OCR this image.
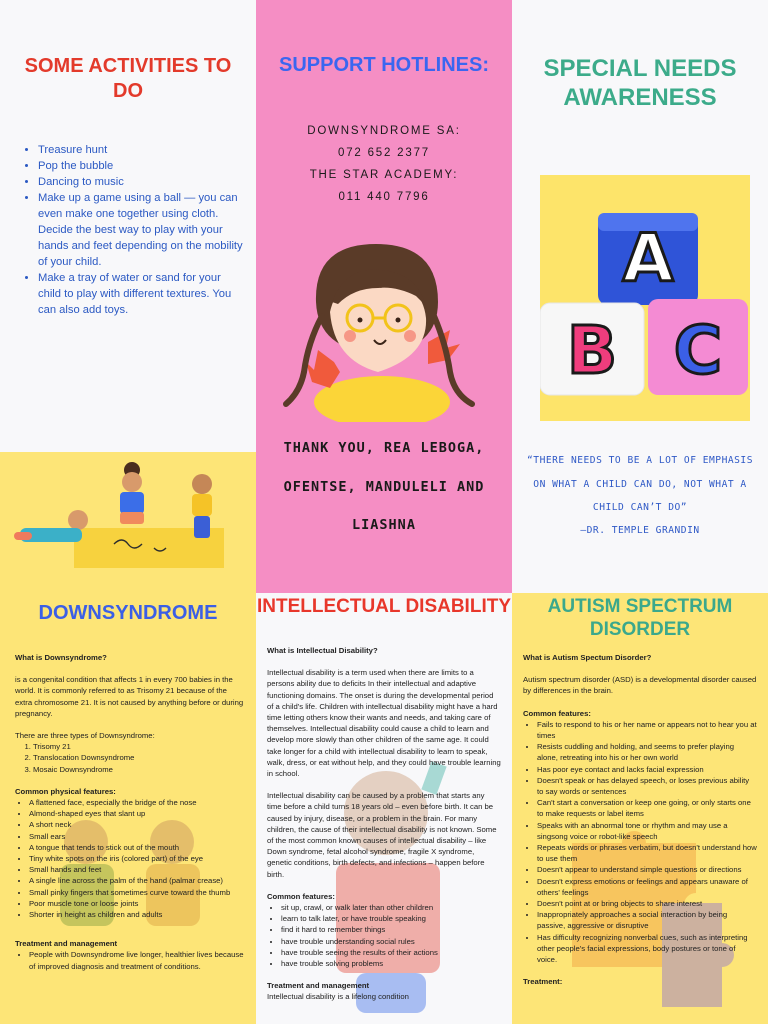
SOME ACTIVITIES TO DO
• Treasure hunt
• Pop the bubble
• Dancing to music
• Make up a game using a ball — you can even make one together using cloth. Decide the best way to play with your hands and feet depending on the mobility of your child.
• Make a tray of water or sand for your child to play with different textures. You can also add toys.
SUPPORT HOTLINES:
DOWNSYNDROME SA:
072 652 2377
THE STAR ACADEMY:
011 440 7796
THANK YOU, REA LEBOGA,
OFENTSE, MANDULELI AND
LIASHNA
SPECIAL NEEDS AWARENESS
A
B C
“THERE NEEDS TO BE A LOT OF EMPHASIS
ON WHAT A CHILD CAN DO, NOT WHAT A
CHILD CAN’T DO”
—DR. TEMPLE GRANDIN
DOWNSYNDROME

What is Downsyndrome?

is a congenital condition that affects 1 in every 700 babies in the world. It is commonly referred to as Trisomy 21 because of the extra chromosome 21. It is not caused by anything before or during pregnancy.

There are three types of Downsyndrome:

1. Trisomy 21
2. Translocation Downsyndrome
3. Mosaic Downsyndrome

Common physical features:

• A flattened face, especially the bridge of the nose
• Almond-shaped eyes that slant up
• A short neck
• Small ears
• A tongue that tends to stick out of the mouth
• Tiny white spots on the iris (colored part) of the eye
• Small hands and feet
• A single line across the palm of the hand (palmar crease)
• Small pinky fingers that sometimes curve toward the thumb
• Poor muscle tone or loose joints
• Shorter in height as children and adults

Treatment and management

• People with Downsyndrome live longer, healthier lives because of improved diagnosis and treatment of conditions.
INTELLECTUAL DISABILITY

What is Intellectual Disability?

Intellectual disability is a term used when there are limits to a persons ability due to deficits In their intellectual and adaptive functioning domains. The onset is during the developmental period of a child's life. Children with intellectual disability might have a hard time letting others know their wants and needs, and taking care of themselves. Intellectual disability could cause a child to learn and develop more slowly than other children of the same age. It could take longer for a child with intellectual disability to learn to speak, walk, dress, or eat without help, and they could have trouble learning in school.

Intellectual disability can be caused by a problem that starts any time before a child turns 18 years old – even before birth. It can be caused by injury, disease, or a problem in the brain. For many children, the cause of their intellectual disability is not known. Some of the most common known causes of intellectual disability – like Down syndrome, fetal alcohol syndrome, fragile X syndrome, genetic conditions, birth defects, and infections – happen before birth.

Common features:

• sit up, crawl, or walk later than other children
• learn to talk later, or have trouble speaking
• find it hard to remember things
• have trouble understanding social rules
• have trouble seeing the results of their actions
• have trouble solving problems

Treatment and management

Intellectual disability is a lifelong condition

AUTISM SPECTRUM DISORDER

What is Autism Spectum Disorder?

Autism spectrum disorder (ASD) is a developmental disorder caused by differences in the brain.

Common features:

• Fails to respond to his or her name or appears not to hear you at times
• Resists cuddling and holding, and seems to prefer playing alone, retreating into his or her own world
• Has poor eye contact and lacks facial expression
• Doesn't speak or has delayed speech, or loses previous ability to say words or sentences
• Can't start a conversation or keep one going, or only starts one to make requests or label items
• Speaks with an abnormal tone or rhythm and may use a singsong voice or robot-like speech
• Repeats words or phrases verbatim, but doesn't understand how to use them
• Doesn't appear to understand simple questions or directions
• Doesn't express emotions or feelings and appears unaware of others' feelings
• Doesn't point at or bring objects to share interest
• Inappropriately approaches a social interaction by being passive, aggressive or disruptive
• Has difficulty recognizing nonverbal cues, such as interpreting other people's facial expressions, body postures or tone of voice.

Treatment:
